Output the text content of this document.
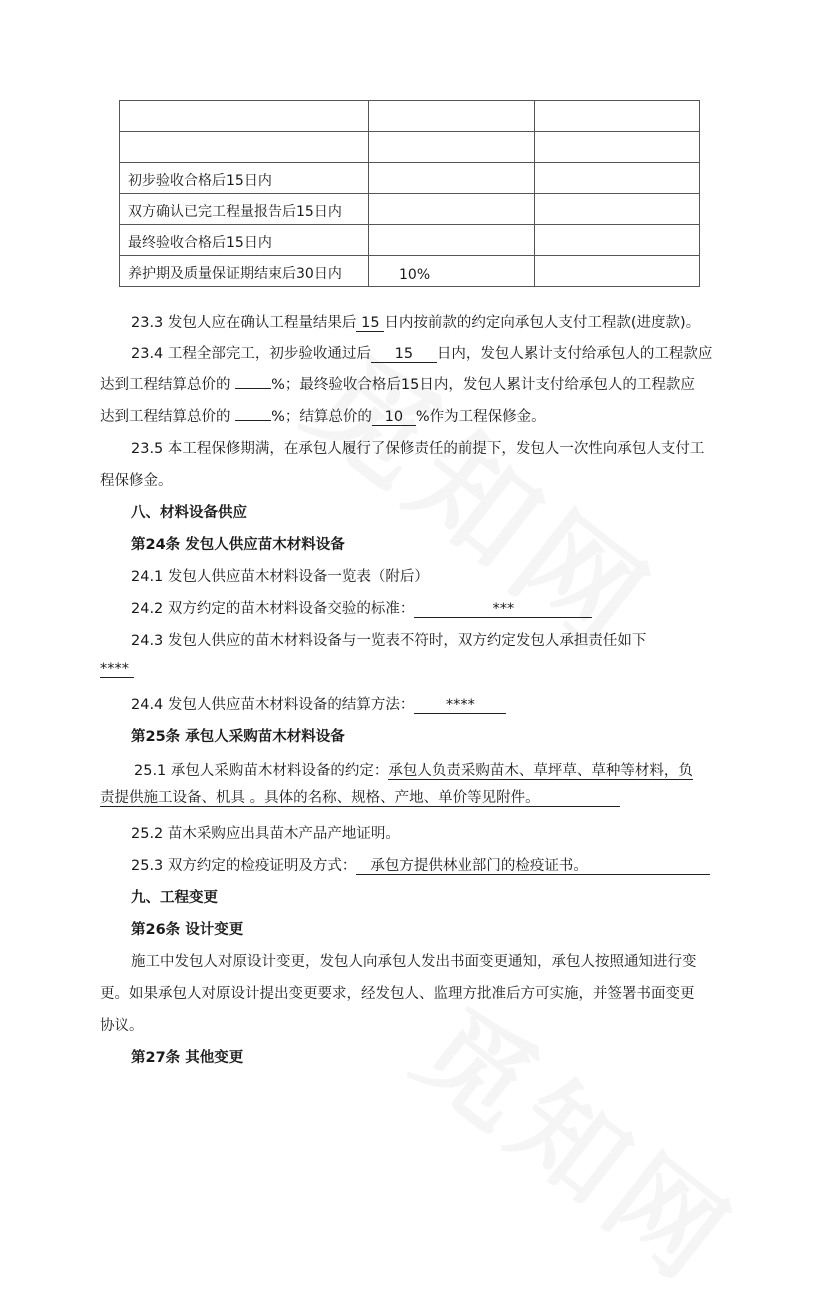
初步验收合格后15日内		
双方确认已完工程量报告后15日内		
最终验收合格后15日内		
养护期及质量保证期结束后30日内	10%	
23.3 发包人应在确认工程量结果后 15 日内按前款的约定向承包人支付工程款(进度款)。
23.4 工程全部完工，初步验收通过后 15 日内，发包人累计支付给承包人的工程款应
达到工程结算总价的	%；最终验收合格后15日内，发包人累计支付给承包人的工程款应
达到工程结算总价的	%；结算总价的 10 %作为工程保修金。
23.5 本工程保修期满，在承包人履行了保修责任的前提下，发包人一次性向承包人支付工
程保修金。
八、材料设备供应
第24条 发包人供应苗木材料设备
24.1 发包人供应苗木材料设备一览表（附后）
24.2 双方约定的苗木材料设备交验的标准：	***
24.3 发包人供应的苗木材料设备与一览表不符时，双方约定发包人承担责任如下
****
24.4 发包人供应苗木材料设备的结算方法： ****
第25条 承包人采购苗木材料设备
25.1 承包人采购苗木材料设备的约定：承包人负责采购苗木、草坪草、草种等材料，负
责提供施工设备、机具 。具体的名称、规格、产地、单价等见附件。
25.2 苗木采购应出具苗木产品产地证明。
25.3 双方约定的检疫证明及方式： 承包方提供林业部门的检疫证书。
九、工程变更
第26条 设计变更
施工中发包人对原设计变更，发包人向承包人发出书面变更通知，承包人按照通知进行变
更。如果承包人对原设计提出变更要求，经发包人、监理方批准后方可实施，并签署书面变更
协议。
第27条 其他变更
